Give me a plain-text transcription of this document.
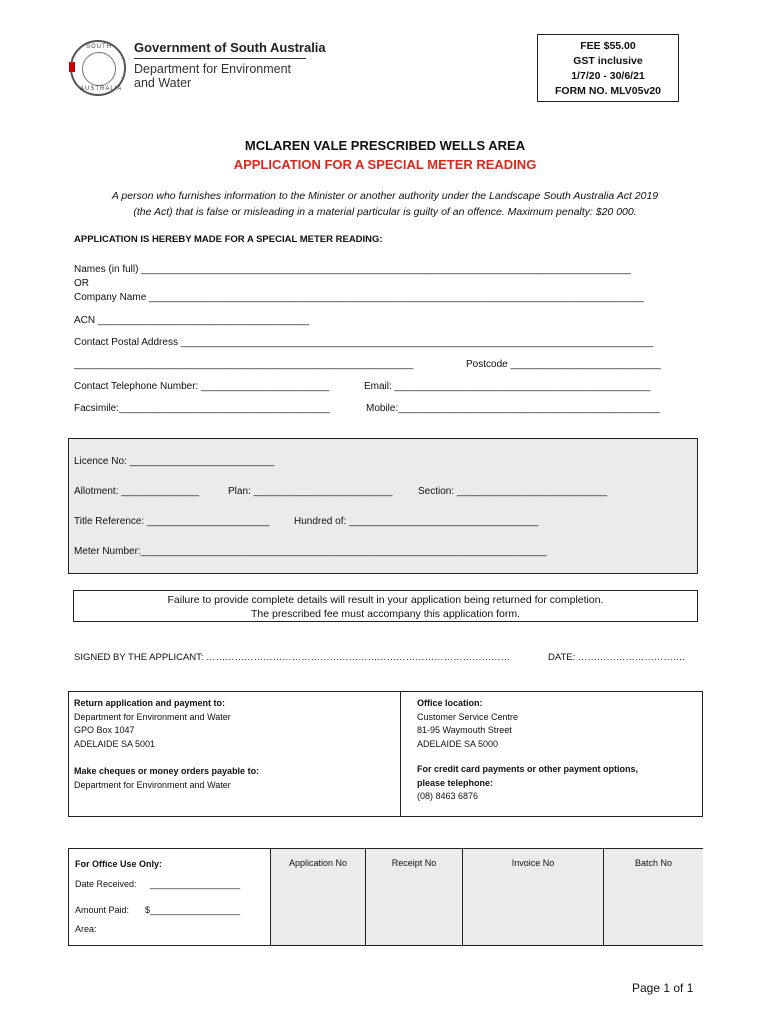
SOUTH
AUSTRALIA
Government of South Australia
Department for Environment
and Water
FEE $55.00
GST inclusive
1/7/20 - 30/6/21
FORM NO. MLV05v20
MCLAREN VALE PRESCRIBED WELLS AREA
APPLICATION FOR A SPECIAL METER READING
A person who furnishes information to the Minister or another authority under the Landscape South Australia Act 2019
(the Act) that is false or misleading in a material particular is guilty of an offence. Maximum penalty: $20 000.
APPLICATION IS HEREBY MADE FOR A SPECIAL METER READING:
Names (in full) ________________________________________________________________________________________
OR
Company Name _________________________________________________________________________________________
ACN ______________________________________
Contact Postal Address _____________________________________________________________________________________
_____________________________________________________________	Postcode ___________________________
Contact Telephone Number: _______________________	Email: ______________________________________________
Facsimile:______________________________________	Mobile:_______________________________________________
Licence No: __________________________
Allotment: ______________	Plan: _________________________	Section: ___________________________
Title Reference: ______________________ Hundred of: __________________________________
Meter Number:_________________________________________________________________________
Failure to provide complete details will result in your application being returned for completion.
The prescribed fee must accompany this application form.
SIGNED BY THE APPLICANT: ……………………………………………………………………………………	DATE: …………………………….
Return application and payment to:
Department for Environment and Water
GPO Box 1047
ADELAIDE SA 5001
Make cheques or money orders payable to:
Department for Environment and Water
Office location:
Customer Service Centre
81-95 Waymouth Street
ADELAIDE SA 5000
For credit card payments or other payment options,
please telephone:
(08) 8463 6876
For Office Use Only:
Date Received: __________________
Amount Paid: $__________________
Area:
Application No	Receipt No	Invoice No	Batch No
Page 1 of 1
